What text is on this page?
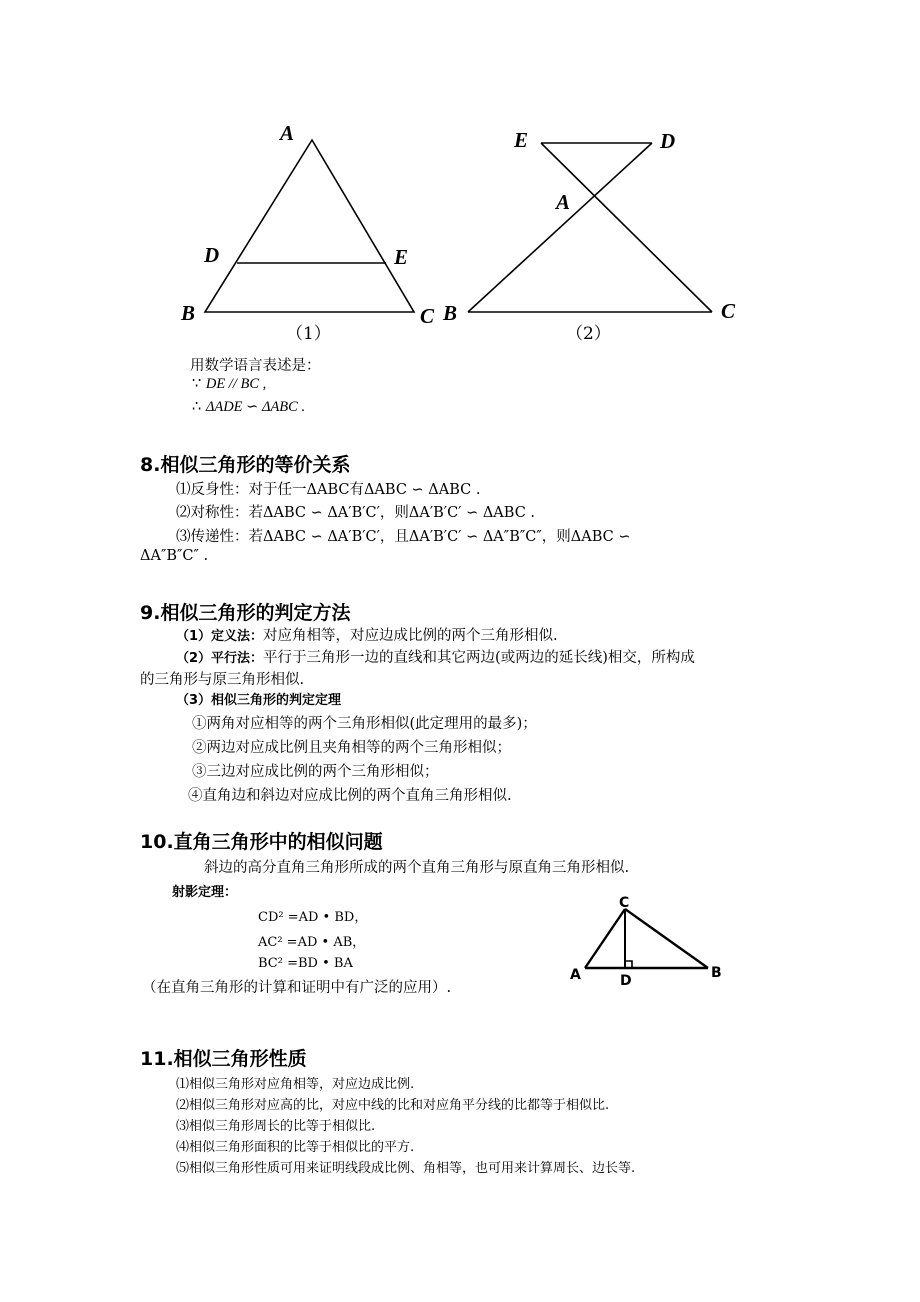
A
D	E
B	C
（1）
E	D
A
B	C
（2）
用数学语言表述是：
∵ DE // BC ,
∴ ΔADE ∽ ΔABC .
8.相似三角形的等价关系
⑴反身性：对于任一ΔABC有ΔABC ∽ ΔABC .
⑵对称性：若ΔABC ∽ ΔA′B′C′，则ΔA′B′C′ ∽ ΔABC .
⑶传递性：若ΔABC ∽ ΔA′B′C′，且ΔA′B′C′ ∽ ΔA″B″C″，则ΔABC ∽
ΔA″B″C″ .
9.相似三角形的判定方法
（1）定义法：对应角相等，对应边成比例的两个三角形相似.
（2）平行法：平行于三角形一边的直线和其它两边(或两边的延长线)相交，所构成
的三角形与原三角形相似.
（3）相似三角形的判定定理
①两角对应相等的两个三角形相似(此定理用的最多)；
②两边对应成比例且夹角相等的两个三角形相似；
③三边对应成比例的两个三角形相似；
④直角边和斜边对应成比例的两个直角三角形相似.
10.直角三角形中的相似问题
斜边的高分直角三角形所成的两个直角三角形与原直角三角形相似.
射影定理：
CD² =AD • BD，
AC² =AD • AB，
BC² =BD • BA
（在直角三角形的计算和证明中有广泛的应用）.
C
A	D	B
11.相似三角形性质
⑴相似三角形对应角相等，对应边成比例.
⑵相似三角形对应高的比，对应中线的比和对应角平分线的比都等于相似比.
⑶相似三角形周长的比等于相似比.
⑷相似三角形面积的比等于相似比的平方.
⑸相似三角形性质可用来证明线段成比例、角相等，也可用来计算周长、边长等.
